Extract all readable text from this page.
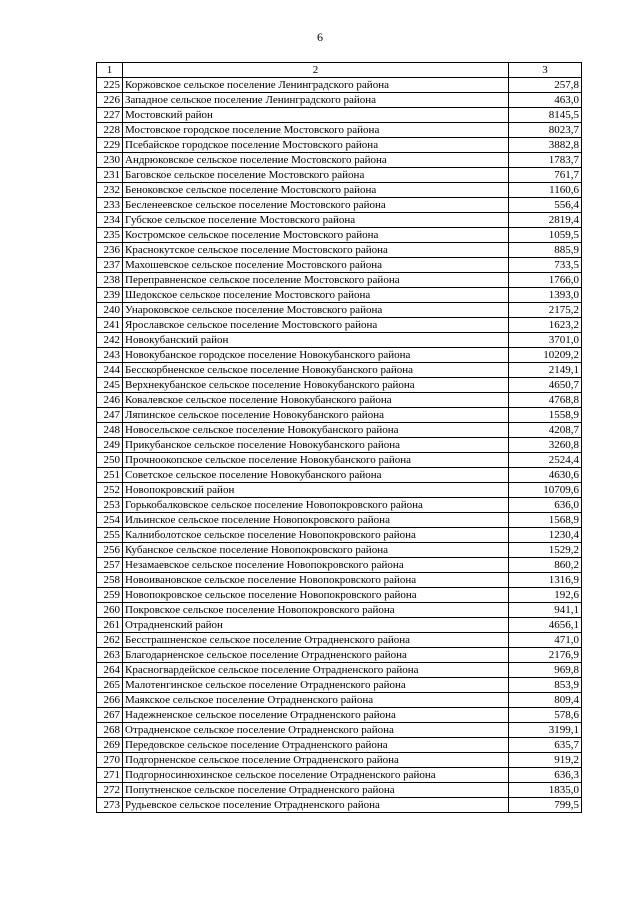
6
1	2	3
225	Коржовское сельское поселение Ленинградского района	257,8
226	Западное сельское поселение Ленинградского района	463,0
227	Мостовский район	8145,5
228	Мостовское городское поселение Мостовского района	8023,7
229	Псебайское городское поселение Мостовского района	3882,8
230	Андрюковское сельское поселение Мостовского района	1783,7
231	Баговское сельское поселение Мостовского района	761,7
232	Беноковское сельское поселение Мостовского района	1160,6
233	Бесленеевское сельское поселение Мостовского района	556,4
234	Губское сельское поселение Мостовского района	2819,4
235	Костромское сельское поселение Мостовского района	1059,5
236	Краснокутское сельское поселение Мостовского района	885,9
237	Махошевское сельское поселение Мостовского района	733,5
238	Переправненское сельское поселение Мостовского района	1766,0
239	Шедокское сельское поселение Мостовского района	1393,0
240	Унароковское сельское поселение Мостовского района	2175,2
241	Ярославское сельское поселение Мостовского района	1623,2
242	Новокубанский район	3701,0
243	Новокубанское городское поселение Новокубанского района	10209,2
244	Бесскорбненское сельское поселение Новокубанского района	2149,1
245	Верхнекубанское сельское поселение Новокубанского района	4650,7
246	Ковалевское сельское поселение Новокубанского района	4768,8
247	Ляпинское сельское поселение Новокубанского района	1558,9
248	Новосельское сельское поселение Новокубанского района	4208,7
249	Прикубанское сельское поселение Новокубанского района	3260,8
250	Прочноокопское сельское поселение Новокубанского района	2524,4
251	Советское сельское поселение Новокубанского района	4630,6
252	Новопокровский район	10709,6
253	Горькобалковское сельское поселение Новопокровского района	636,0
254	Ильинское сельское поселение Новопокровского района	1568,9
255	Калниболотское сельское поселение Новопокровского района	1230,4
256	Кубанское сельское поселение Новопокровского района	1529,2
257	Незамаевское сельское поселение Новопокровского района	860,2
258	Новоивановское сельское поселение Новопокровского района	1316,9
259	Новопокровское сельское поселение Новопокровского района	192,6
260	Покровское сельское поселение Новопокровского района	941,1
261	Отрадненский район	4656,1
262	Бесстрашненское сельское поселение Отрадненского района	471,0
263	Благодарненское сельское поселение Отрадненского района	2176,9
264	Красногвардейское сельское поселение Отрадненского района	969,8
265	Малотенгинское сельское поселение Отрадненского района	853,9
266	Маякское сельское поселение Отрадненского района	809,4
267	Надежненское сельское поселение Отрадненского района	578,6
268	Отрадненское сельское поселение Отрадненского района	3199,1
269	Передовское сельское поселение Отрадненского района	635,7
270	Подгорненское сельское поселение Отрадненского района	919,2
271	Подгорносинюхинское сельское поселение Отрадненского района	636,3
272	Попутненское сельское поселение Отрадненского района	1835,0
273	Рудьевское сельское поселение Отрадненского района	799,5
